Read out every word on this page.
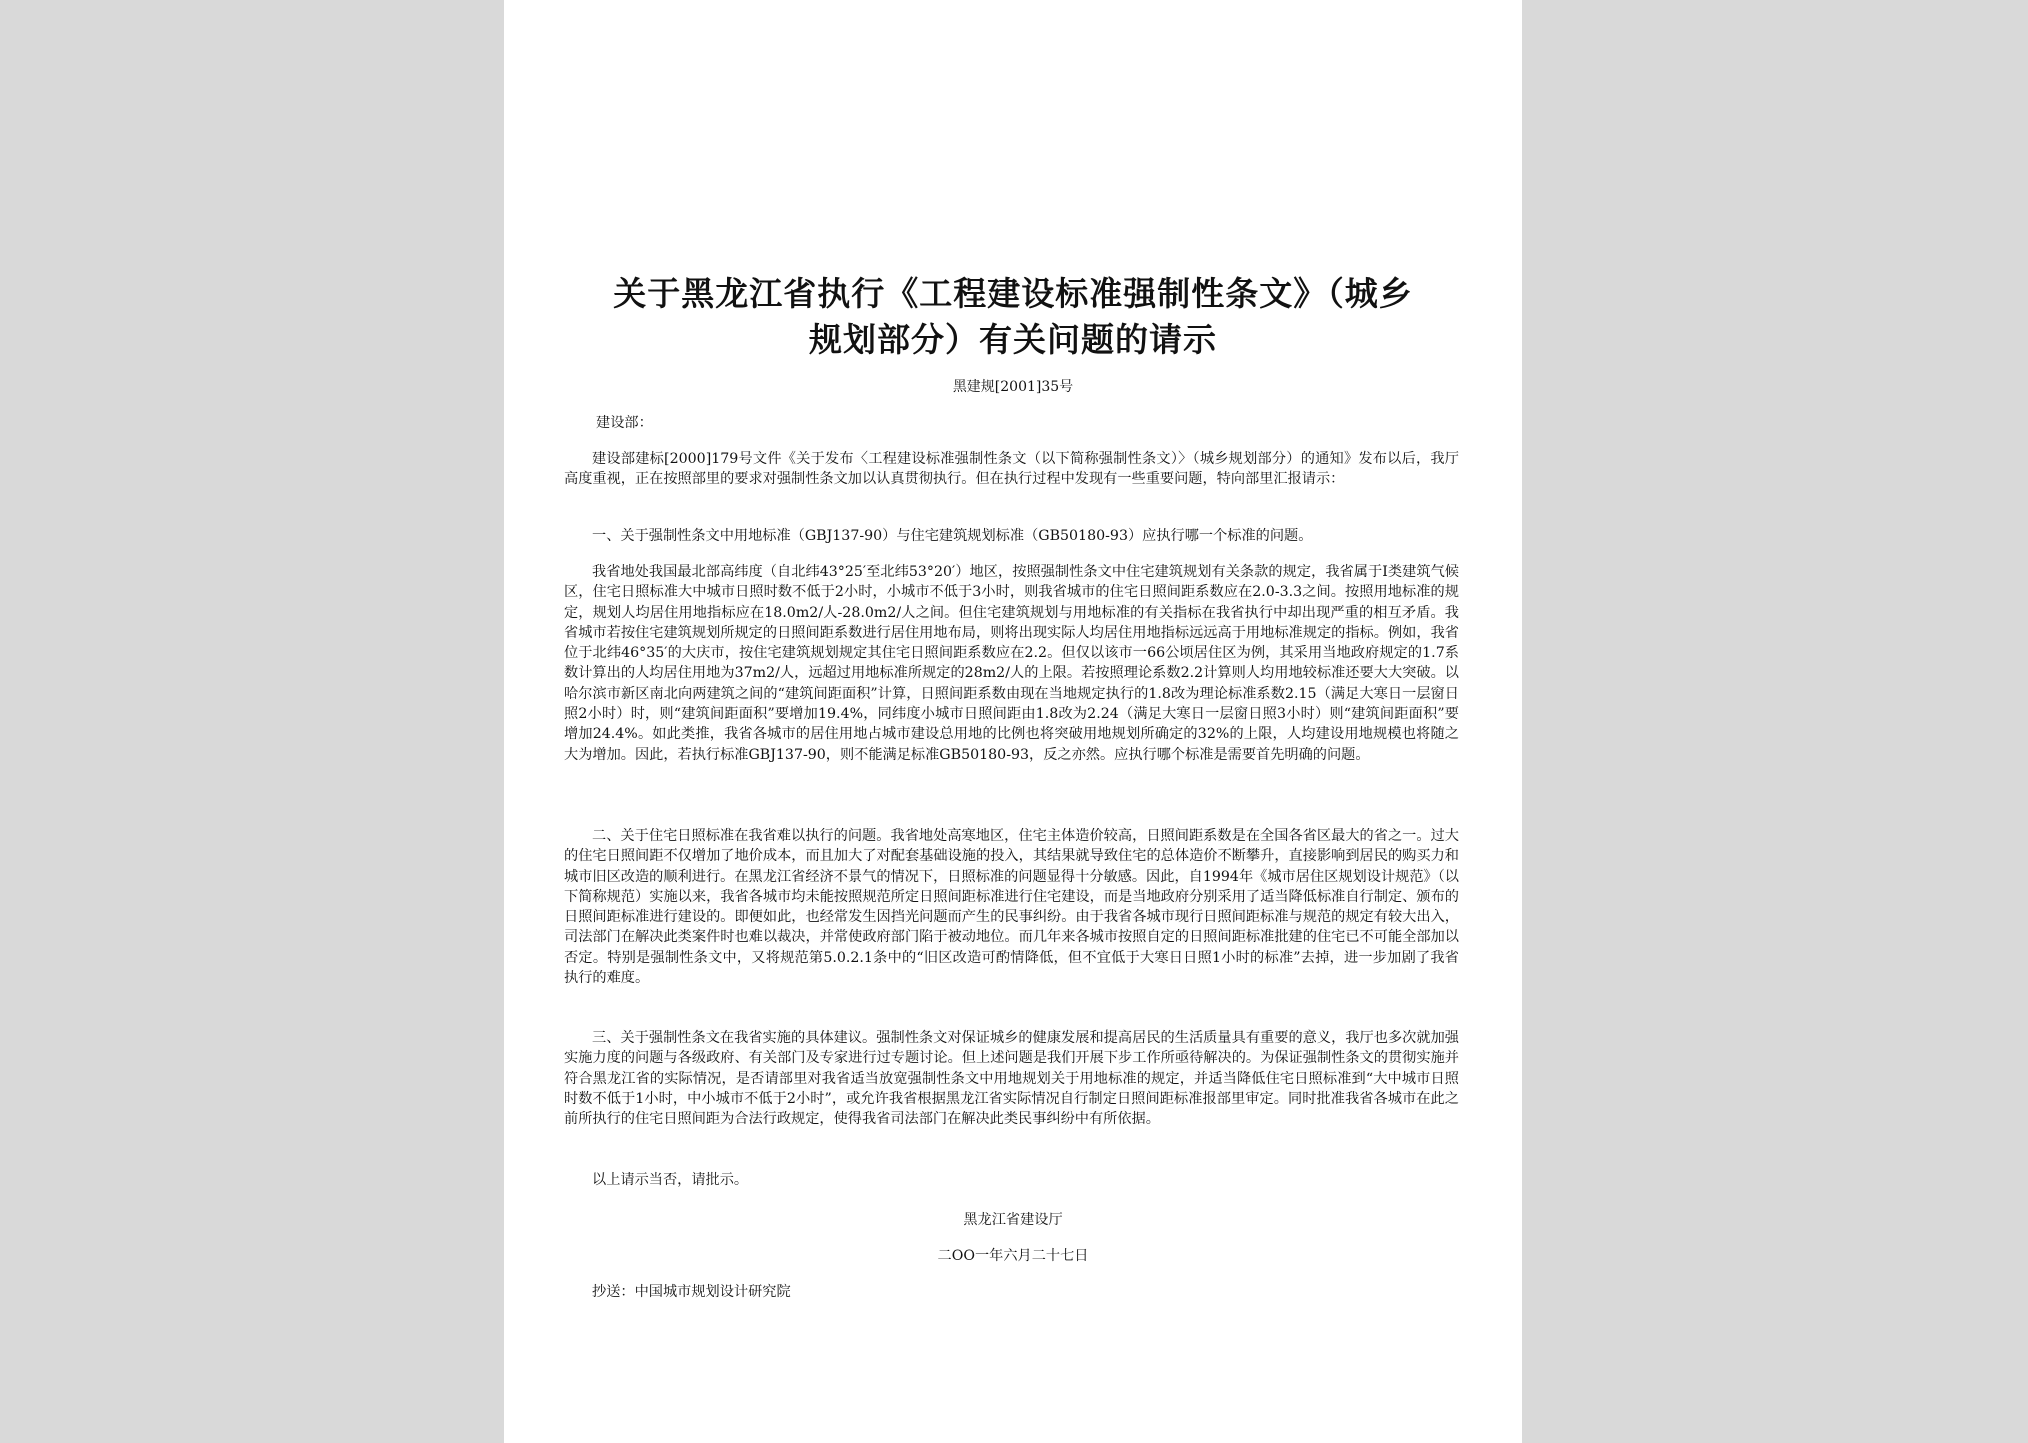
关于黑龙江省执行《工程建设标准强制性条文》（城乡
规划部分）有关问题的请示
黑建规[2001]35号
建设部：
建设部建标[2000]179号文件《关于发布〈工程建设标准强制性条文（以下简称强制性条文）〉（城乡规划部分）的通知》发布以后，我厅高度重视，正在按照部里的要求对强制性条文加以认真贯彻执行。但在执行过程中发现有一些重要问题，特向部里汇报请示：
一、关于强制性条文中用地标准（GBJ137-90）与住宅建筑规划标准（GB50180-93）应执行哪一个标准的问题。
我省地处我国最北部高纬度（自北纬43°25′至北纬53°20′）地区，按照强制性条文中住宅建筑规划有关条款的规定，我省属于Ⅰ类建筑气候区，住宅日照标准大中城市日照时数不低于2小时，小城市不低于3小时，则我省城市的住宅日照间距系数应在2.0-3.3之间。按照用地标准的规定，规划人均居住用地指标应在18.0m2/人-28.0m2/人之间。但住宅建筑规划与用地标准的有关指标在我省执行中却出现严重的相互矛盾。我省城市若按住宅建筑规划所规定的日照间距系数进行居住用地布局，则将出现实际人均居住用地指标远远高于用地标准规定的指标。例如，我省位于北纬46°35′的大庆市，按住宅建筑规划规定其住宅日照间距系数应在2.2。但仅以该市一66公顷居住区为例，其采用当地政府规定的1.7系数计算出的人均居住用地为37m2/人，远超过用地标准所规定的28m2/人的上限。若按照理论系数2.2计算则人均用地较标准还要大大突破。以哈尔滨市新区南北向两建筑之间的“建筑间距面积”计算，日照间距系数由现在当地规定执行的1.8改为理论标准系数2.15（满足大寒日一层窗日照2小时）时，则“建筑间距面积”要增加19.4%，同纬度小城市日照间距由1.8改为2.24（满足大寒日一层窗日照3小时）则“建筑间距面积”要增加24.4%。如此类推，我省各城市的居住用地占城市建设总用地的比例也将突破用地规划所确定的32%的上限，人均建设用地规模也将随之大为增加。因此，若执行标准GBJ137-90，则不能满足标准GB50180-93，反之亦然。应执行哪个标准是需要首先明确的问题。
二、关于住宅日照标准在我省难以执行的问题。我省地处高寒地区，住宅主体造价较高，日照间距系数是在全国各省区最大的省之一。过大的住宅日照间距不仅增加了地价成本，而且加大了对配套基础设施的投入，其结果就导致住宅的总体造价不断攀升，直接影响到居民的购买力和城市旧区改造的顺利进行。在黑龙江省经济不景气的情况下，日照标准的问题显得十分敏感。因此，自1994年《城市居住区规划设计规范》（以下简称规范）实施以来，我省各城市均未能按照规范所定日照间距标准进行住宅建设，而是当地政府分别采用了适当降低标准自行制定、颁布的日照间距标准进行建设的。即便如此，也经常发生因挡光问题而产生的民事纠纷。由于我省各城市现行日照间距标准与规范的规定有较大出入，司法部门在解决此类案件时也难以裁决，并常使政府部门陷于被动地位。而几年来各城市按照自定的日照间距标准批建的住宅已不可能全部加以否定。特别是强制性条文中，又将规范第5.0.2.1条中的“旧区改造可酌情降低，但不宜低于大寒日日照1小时的标准”去掉，进一步加剧了我省执行的难度。
三、关于强制性条文在我省实施的具体建议。强制性条文对保证城乡的健康发展和提高居民的生活质量具有重要的意义，我厅也多次就加强实施力度的问题与各级政府、有关部门及专家进行过专题讨论。但上述问题是我们开展下步工作所亟待解决的。为保证强制性条文的贯彻实施并符合黑龙江省的实际情况，是否请部里对我省适当放宽强制性条文中用地规划关于用地标准的规定，并适当降低住宅日照标准到“大中城市日照时数不低于1小时，中小城市不低于2小时”，或允许我省根据黑龙江省实际情况自行制定日照间距标准报部里审定。同时批准我省各城市在此之前所执行的住宅日照间距为合法行政规定，使得我省司法部门在解决此类民事纠纷中有所依据。
以上请示当否，请批示。
黑龙江省建设厅
二OO一年六月二十七日
抄送：中国城市规划设计研究院
